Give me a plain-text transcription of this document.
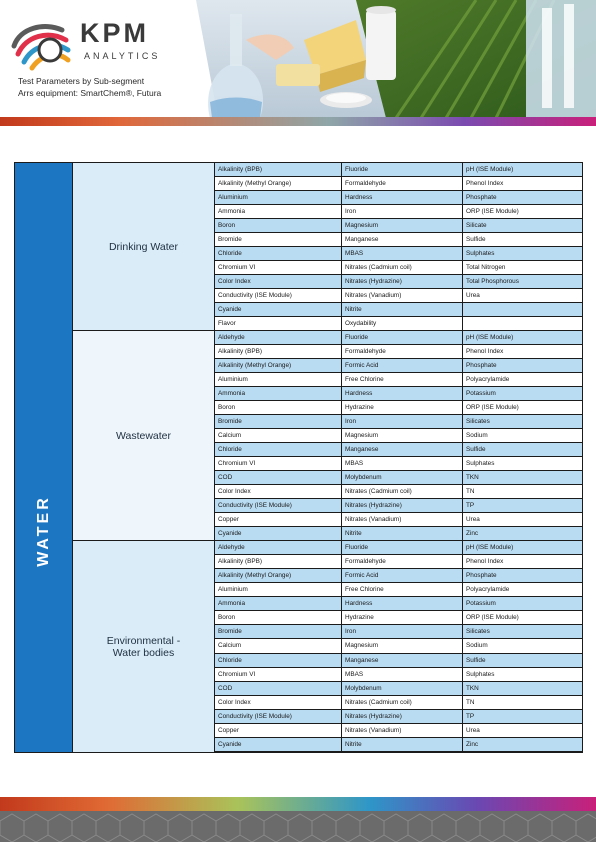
KPM
ANALYTICS
Test Parameters by Sub-segment
Arrs equipment: SmartChem®, Futura
WATER
Drinking Water
Wastewater
Environmental -
Water bodies
Alkalinity (BPB)	Fluoride	pH (ISE Module)
Alkalinity (Methyl Orange)	Formaldehyde	Phenol Index
Aluminium	Hardness	Phosphate
Ammonia	Iron	ORP (ISE Module)
Boron	Magnesium	Silicate
Bromide	Manganese	Sulfide
Chloride	MBAS	Sulphates
Chromium VI	Nitrates (Cadmium coil)	Total Nitrogen
Color Index	Nitrates (Hydrazine)	Total Phosphorous
Conductivity (ISE Module)	Nitrates (Vanadium)	Urea
Cyanide	Nitrite
Flavor	Oxydability
Aldehyde	Fluoride	pH (ISE Module)
Alkalinity (BPB)	Formaldehyde	Phenol Index
Alkalinity (Methyl Orange)	Formic Acid	Phosphate
Aluminium	Free Chlorine	Polyacrylamide
Ammonia	Hardness	Potassium
Boron	Hydrazine	ORP (ISE Module)
Bromide	Iron	Silicates
Calcium	Magnesium	Sodium
Chloride	Manganese	Sulfide
Chromium VI	MBAS	Sulphates
COD	Molybdenum	TKN
Color Index	Nitrates (Cadmium coil)	TN
Conductivity (ISE Module)	Nitrates (Hydrazine)	TP
Copper	Nitrates (Vanadium)	Urea
Cyanide	Nitrite	Zinc
Aldehyde	Fluoride	pH (ISE Module)
Alkalinity (BPB)	Formaldehyde	Phenol Index
Alkalinity (Methyl Orange)	Formic Acid	Phosphate
Aluminium	Free Chlorine	Polyacrylamide
Ammonia	Hardness	Potassium
Boron	Hydrazine	ORP (ISE Module)
Bromide	Iron	Silicates
Calcium	Magnesium	Sodium
Chloride	Manganese	Sulfide
Chromium VI	MBAS	Sulphates
COD	Molybdenum	TKN
Color Index	Nitrates (Cadmium coil)	TN
Conductivity (ISE Module)	Nitrates (Hydrazine)	TP
Copper	Nitrates (Vanadium)	Urea
Cyanide	Nitrite	Zinc
